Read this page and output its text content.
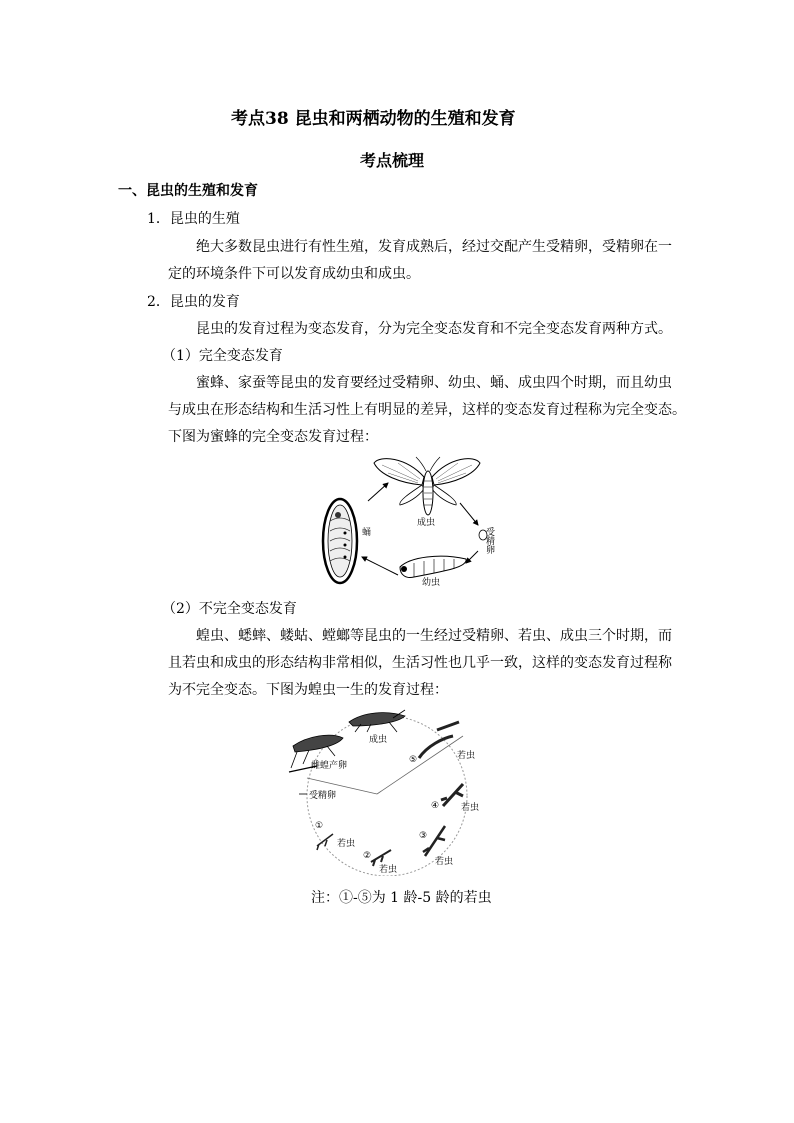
考点38 昆虫和两栖动物的生殖和发育
考点梳理
一、昆虫的生殖和发育
1．昆虫的生殖
绝大多数昆虫进行有性生殖，发育成熟后，经过交配产生受精卵，受精卵在一
定的环境条件下可以发育成幼虫和成虫。
2．昆虫的发育
昆虫的发育过程为变态发育，分为完全变态发育和不完全变态发育两种方式。
（1）完全变态发育
蜜蜂、家蚕等昆虫的发育要经过受精卵、幼虫、蛹、成虫四个时期，而且幼虫
与成虫在形态结构和生活习性上有明显的差异，这样的变态发育过程称为完全变态。
下图为蜜蜂的完全变态发育过程：
成虫
蛹	受精卵
幼虫
（2）不完全变态发育
蝗虫、蟋蟀、蝼蛄、螳螂等昆虫的一生经过受精卵、若虫、成虫三个时期，而
且若虫和成虫的形态结构非常相似，生活习性也几乎一致，这样的变态发育过程称
为不完全变态。下图为蝗虫一生的发育过程：
成虫
雌蝗产卵
受精卵
①
若虫
②
若虫
③
若虫
④ 若虫
⑤	若虫
注：①-⑤为 1 龄-5 龄的若虫
